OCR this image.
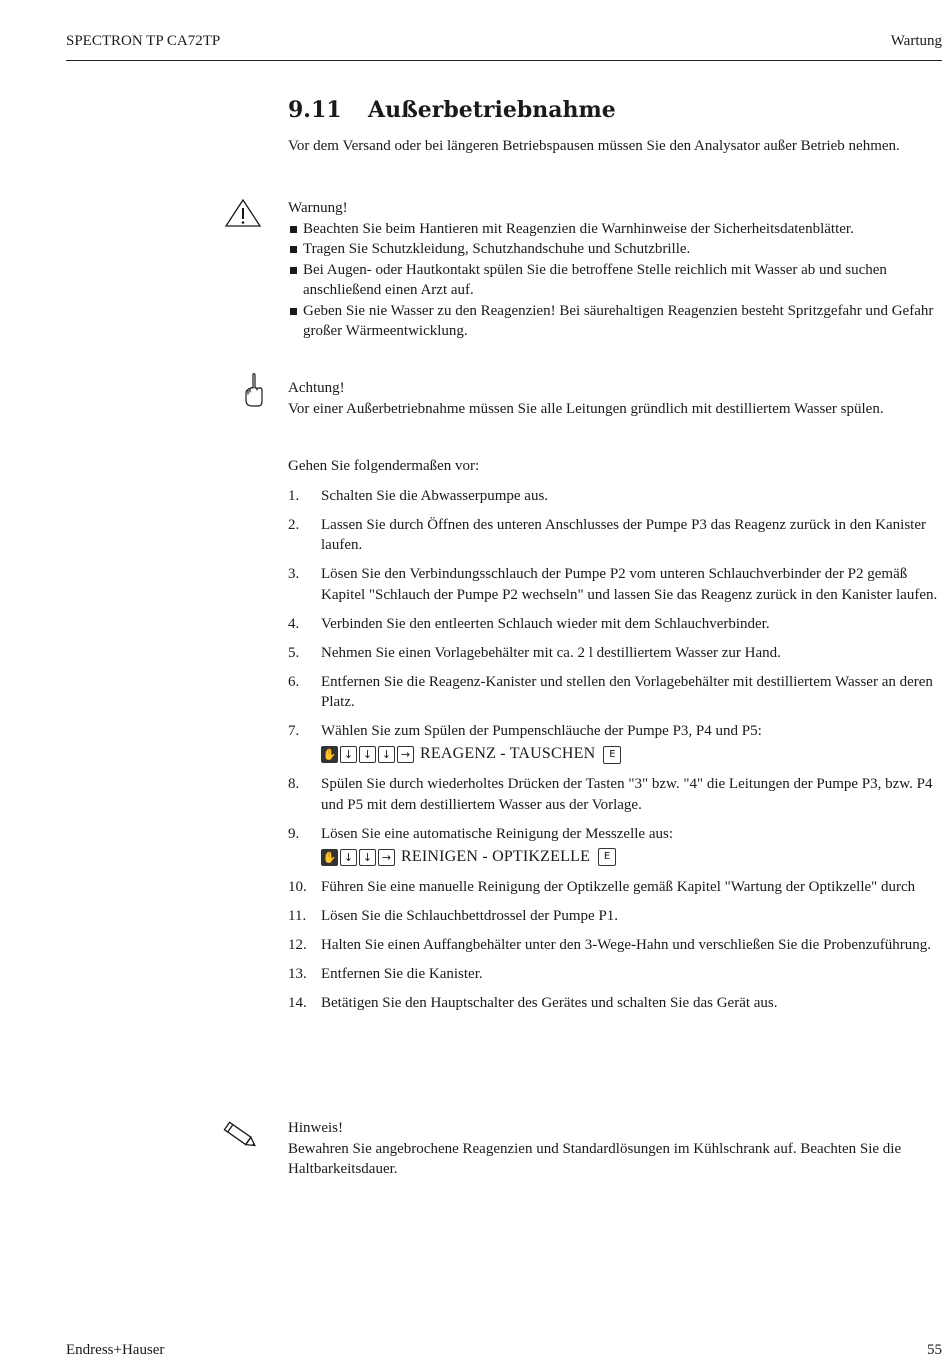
SPECTRON TP CA72TP	Wartung
9.11 Außerbetriebnahme
Vor dem Versand oder bei längeren Betriebspausen müssen Sie den Analysator außer Betrieb nehmen.
Warnung!
Beachten Sie beim Hantieren mit Reagenzien die Warnhinweise der Sicherheitsdatenblätter.
Tragen Sie Schutzkleidung, Schutzhandschuhe und Schutzbrille.
Bei Augen- oder Hautkontakt spülen Sie die betroffene Stelle reichlich mit Wasser ab und suchen anschließend einen Arzt auf.
Geben Sie nie Wasser zu den Reagenzien! Bei säurehaltigen Reagenzien besteht Spritzgefahr und Gefahr großer Wärmeentwicklung.
Achtung!
Vor einer Außerbetriebnahme müssen Sie alle Leitungen gründlich mit destilliertem Wasser spülen.
Gehen Sie folgendermaßen vor:
1. Schalten Sie die Abwasserpumpe aus.
2. Lassen Sie durch Öffnen des unteren Anschlusses der Pumpe P3 das Reagenz zurück in den Kanister laufen.
3. Lösen Sie den Verbindungsschlauch der Pumpe P2 vom unteren Schlauchverbinder der P2 gemäß Kapitel "Schlauch der Pumpe P2 wechseln" und lassen Sie das Reagenz zurück in den Kanister laufen.
4. Verbinden Sie den entleerten Schlauch wieder mit dem Schlauchverbinder.
5. Nehmen Sie einen Vorlagebehälter mit ca. 2 l destilliertem Wasser zur Hand.
6. Entfernen Sie die Reagenz-Kanister und stellen den Vorlagebehälter mit destilliertem Wasser an deren Platz.
7. Wählen Sie zum Spülen der Pumpenschläuche der Pumpe P3, P4 und P5:
✋ ↓ ↓ ↓ → REAGENZ - TAUSCHEN	E
8. Spülen Sie durch wiederholtes Drücken der Tasten "3" bzw. "4" die Leitungen der Pumpe P3, bzw. P4 und P5 mit dem destilliertem Wasser aus der Vorlage.
9. Lösen Sie eine automatische Reinigung der Messzelle aus:
✋ ↓ ↓ → REINIGEN - OPTIKZELLE	E
10. Führen Sie eine manuelle Reinigung der Optikzelle gemäß Kapitel "Wartung der Optikzelle" durch
11. Lösen Sie die Schlauchbettdrossel der Pumpe P1.
12. Halten Sie einen Auffangbehälter unter den 3-Wege-Hahn und verschließen Sie die Probenzuführung.
13. Entfernen Sie die Kanister.
14. Betätigen Sie den Hauptschalter des Gerätes und schalten Sie das Gerät aus.
Hinweis!
Bewahren Sie angebrochene Reagenzien und Standardlösungen im Kühlschrank auf. Beachten Sie die Haltbarkeitsdauer.
Endress+Hauser	55
